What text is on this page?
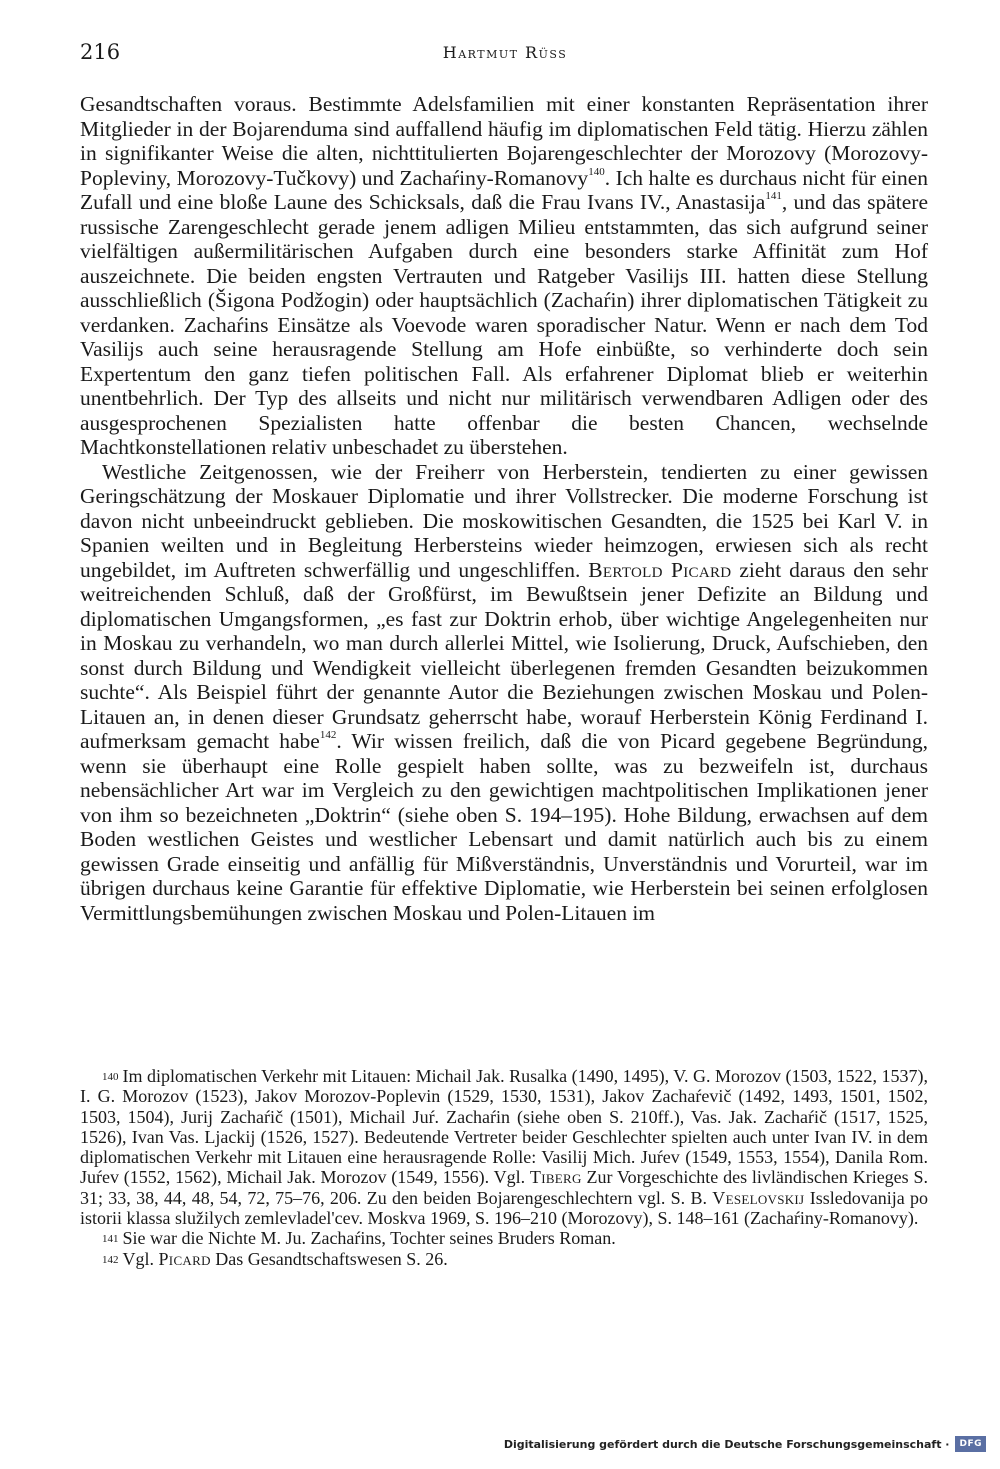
216	Hartmut Rüss

Gesandtschaften voraus. Bestimmte Adelsfamilien mit einer konstanten Repräsentation ihrer Mitglieder in der Bojarenduma sind auffallend häufig im diplomatischen Feld tätig. Hierzu zählen in signifikanter Weise die alten, nichttitulierten Bojarengeschlechter der Morozovy (Morozovy-Popleviny, Morozovy-Tučkovy) und Zachaŕiny-Romanovy$^{140}$. Ich halte es durchaus nicht für einen Zufall und eine bloße Laune des Schicksals, daß die Frau Ivans IV., Anastasija$^{141}$, und das spätere russische Zarengeschlecht gerade jenem adligen Milieu entstammten, das sich aufgrund seiner vielfältigen außermilitärischen Aufgaben durch eine besonders starke Affinität zum Hof auszeichnete. Die beiden engsten Vertrauten und Ratgeber Vasilijs III. hatten diese Stellung ausschließlich (Šigona Podžogin) oder hauptsächlich (Zachaŕin) ihrer diplomatischen Tätigkeit zu verdanken. Zachaŕins Einsätze als Voevode waren sporadischer Natur. Wenn er nach dem Tod Vasilijs auch seine herausragende Stellung am Hofe einbüßte, so verhinderte doch sein Expertentum den ganz tiefen politischen Fall. Als erfahrener Diplomat blieb er weiterhin unentbehrlich. Der Typ des allseits und nicht nur militärisch verwendbaren Adligen oder des ausgesprochenen Spezialisten hatte offenbar die besten Chancen, wechselnde Machtkonstellationen relativ unbeschadet zu überstehen.

Westliche Zeitgenossen, wie der Freiherr von Herberstein, tendierten zu einer gewissen Geringschätzung der Moskauer Diplomatie und ihrer Vollstrecker. Die moderne Forschung ist davon nicht unbeeindruckt geblieben. Die moskowitischen Gesandten, die 1525 bei Karl V. in Spanien weilten und in Begleitung Herbersteins wieder heimzogen, erwiesen sich als recht ungebildet, im Auftreten schwerfällig und ungeschliffen. Bertold Picard zieht daraus den sehr weitreichenden Schluß, daß der Großfürst, im Bewußtsein jener Defizite an Bildung und diplomatischen Umgangsformen, „es fast zur Doktrin erhob, über wichtige Angelegenheiten nur in Moskau zu verhandeln, wo man durch allerlei Mittel, wie Isolierung, Druck, Aufschieben, den sonst durch Bildung und Wendigkeit vielleicht überlegenen fremden Gesandten beizukommen suchte“. Als Beispiel führt der genannte Autor die Beziehungen zwischen Moskau und Polen-Litauen an, in denen dieser Grundsatz geherrscht habe, worauf Herberstein König Ferdinand I. aufmerksam gemacht habe$^{142}$. Wir wissen freilich, daß die von Picard gegebene Begründung, wenn sie überhaupt eine Rolle gespielt haben sollte, was zu bezweifeln ist, durchaus nebensächlicher Art war im Vergleich zu den gewichtigen machtpolitischen Implikationen jener von ihm so bezeichneten „Doktrin“ (siehe oben S. 194–195). Hohe Bildung, erwachsen auf dem Boden westlichen Geistes und westlicher Lebensart und damit natürlich auch bis zu einem gewissen Grade einseitig und anfällig für Mißverständnis, Unverständnis und Vorurteil, war im übrigen durchaus keine Garantie für effektive Diplomatie, wie Herberstein bei seinen erfolglosen Vermittlungsbemühungen zwischen Moskau und Polen-Litauen im

$^{140}$ Im diplomatischen Verkehr mit Litauen: Michail Jak. Rusalka (1490, 1495), V. G. Morozov (1503, 1522, 1537), I. G. Morozov (1523), Jakov Morozov-Poplevin (1529, 1530, 1531), Jakov Zachaŕevič (1492, 1493, 1501, 1502, 1503, 1504), Jurij Zachaŕič (1501), Michail Juŕ. Zachaŕin (siehe oben S. 210ff.), Vas. Jak. Zachaŕič (1517, 1525, 1526), Ivan Vas. Ljackij (1526, 1527). Bedeutende Vertreter beider Geschlechter spielten auch unter Ivan IV. in dem diplomatischen Verkehr mit Litauen eine herausragende Rolle: Vasilij Mich. Juŕev (1549, 1553, 1554), Danila Rom. Juŕev (1552, 1562), Michail Jak. Morozov (1549, 1556). Vgl. Tiberg Zur Vorgeschichte des livländischen Krieges S. 31; 33, 38, 44, 48, 54, 72, 75–76, 206. Zu den beiden Bojarengeschlechtern vgl. S. B. Veselovskij Issledovanija po istorii klassa služilych zemlevladel'cev. Moskva 1969, S. 196–210 (Morozovy), S. 148–161 (Zachaŕiny-Romanovy).

$^{141}$ Sie war die Nichte M. Ju. Zachaŕins, Tochter seines Bruders Roman.

$^{142}$ Vgl. Picard Das Gesandtschaftswesen S. 26.

Digitalisierung gefördert durch die Deutsche Forschungsgemeinschaft ·	DFG
